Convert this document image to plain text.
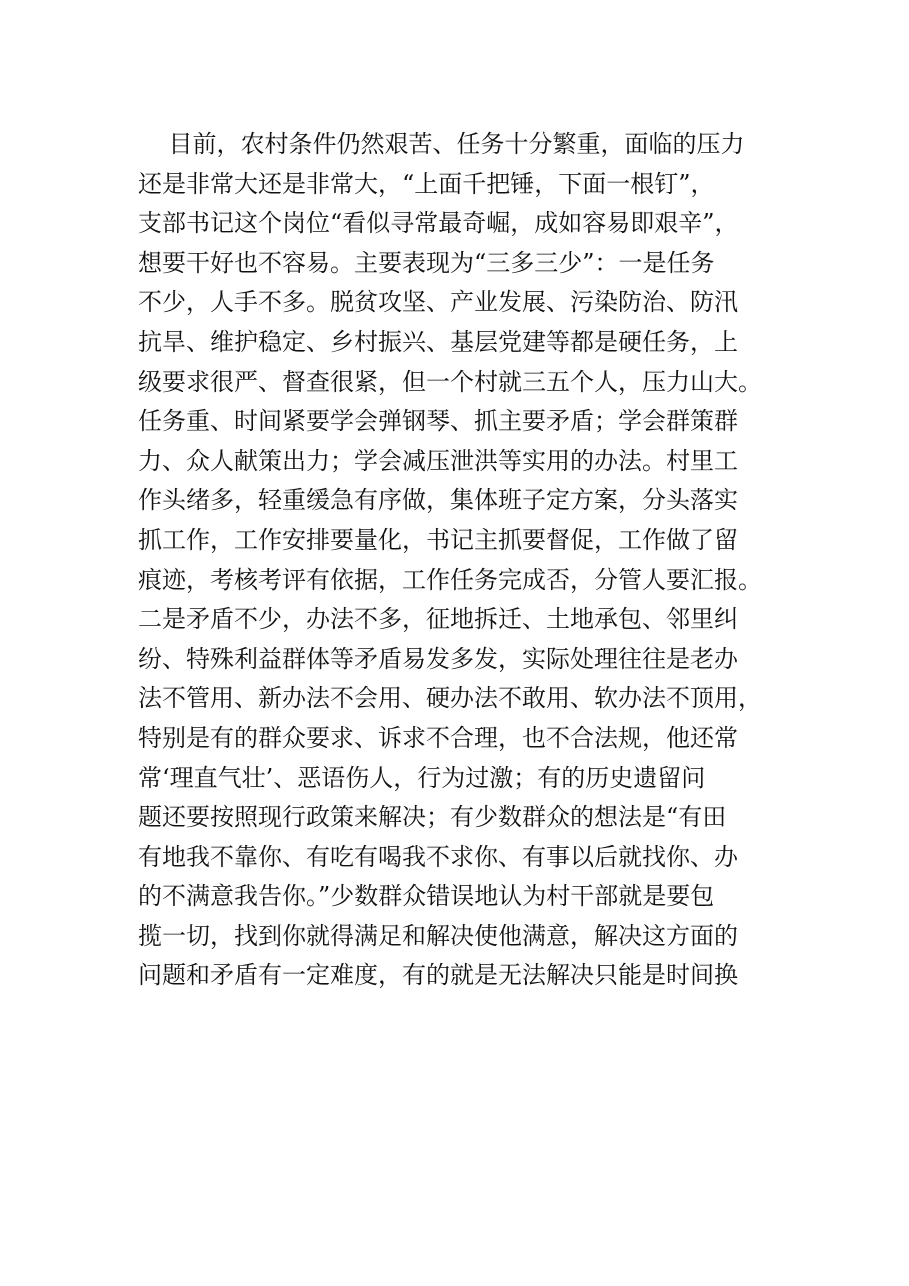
目前，农村条件仍然艰苦、任务十分繁重，面临的压力
还是非常大还是非常大，“上面千把锤，下面一根钉”，
支部书记这个岗位“看似寻常最奇崛，成如容易即艰辛”，
想要干好也不容易。主要表现为“三多三少”：一是任务
不少，人手不多。脱贫攻坚、产业发展、污染防治、防汛
抗旱、维护稳定、乡村振兴、基层党建等都是硬任务，上
级要求很严、督查很紧，但一个村就三五个人，压力山大。
任务重、时间紧要学会弹钢琴、抓主要矛盾；学会群策群
力、众人献策出力；学会减压泄洪等实用的办法。村里工
作头绪多，轻重缓急有序做，集体班子定方案，分头落实
抓工作，工作安排要量化，书记主抓要督促，工作做了留
痕迹，考核考评有依据，工作任务完成否，分管人要汇报。
二是矛盾不少，办法不多，征地拆迁、土地承包、邻里纠
纷、特殊利益群体等矛盾易发多发，实际处理往往是老办
法不管用、新办法不会用、硬办法不敢用、软办法不顶用，
特别是有的群众要求、诉求不合理，也不合法规，他还常
常‘理直气壮’、恶语伤人，行为过激；有的历史遗留问
题还要按照现行政策来解决；有少数群众的想法是“有田
有地我不靠你、有吃有喝我不求你、有事以后就找你、办
的不满意我告你。”少数群众错误地认为村干部就是要包
揽一切，找到你就得满足和解决使他满意，解决这方面的
问题和矛盾有一定难度，有的就是无法解决只能是时间换
